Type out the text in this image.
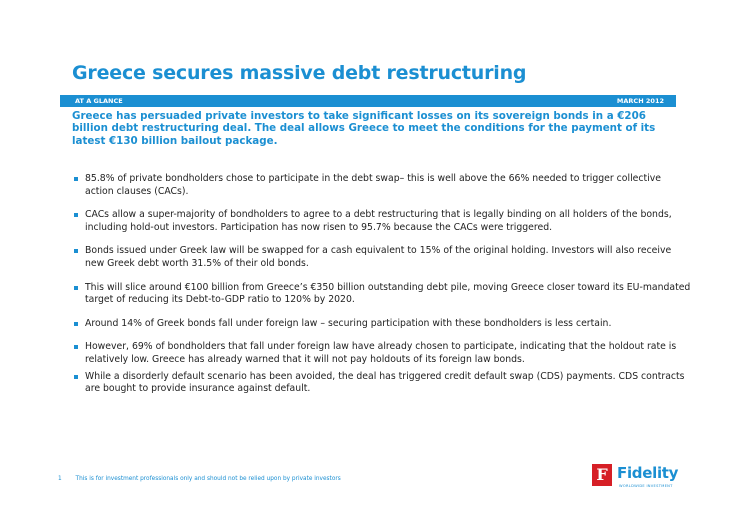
Greece secures massive debt restructuring
AT A GLANCE	MARCH 2012
Greece has persuaded private investors to take significant losses on its sovereign bonds in a €206 billion debt restructuring deal. The deal allows Greece to meet the conditions for the payment of its latest €130 billion bailout package.
85.8% of private bondholders chose to participate in the debt swap– this is well above the 66% needed to trigger collective action clauses (CACs).
CACs allow a super-majority of bondholders to agree to a debt restructuring that is legally binding on all holders of the bonds, including hold-out investors. Participation has now risen to 95.7% because the CACs were triggered.
Bonds issued under Greek law will be swapped for a cash equivalent to 15% of the original holding. Investors will also receive new Greek debt worth 31.5% of their old bonds.
This will slice around €100 billion from Greece’s €350 billion outstanding debt pile, moving Greece closer toward its EU-mandated target of reducing its Debt-to-GDP ratio to 120% by 2020.
Around 14% of Greek bonds fall under foreign law – securing participation with these bondholders is less certain.
However, 69% of bondholders that fall under foreign law have already chosen to participate, indicating that the holdout rate is relatively low. Greece has already warned that it will not pay holdouts of its foreign law bonds.
While a disorderly default scenario has been avoided, the deal has triggered credit default swap (CDS) payments. CDS contracts are bought to provide insurance against default.
1 This is for investment professionals only and should not be relied upon by private investors	F Fidelity
WORLDWIDE INVESTMENT
